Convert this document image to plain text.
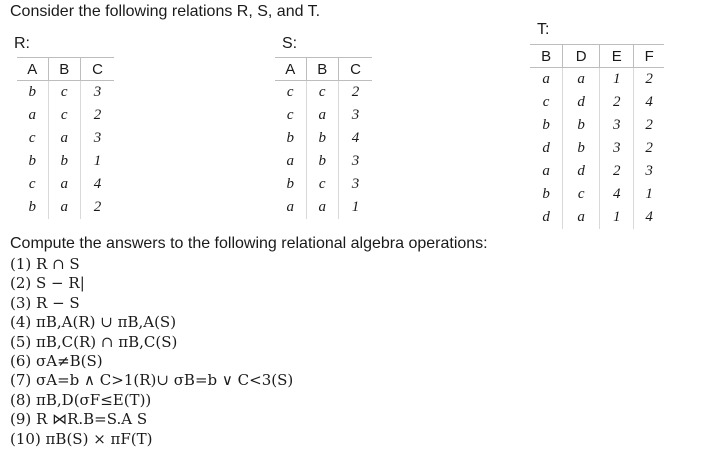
Consider the following relations R, S, and T.
R:
A	B	C
b	c	3
a	c	2
c	a	3
b	b	1
c	a	4
b	a	2
S:
A	B	C
c	c	2
c	a	3
b	b	4
a	b	3
b	c	3
a	a	1
T:
B	D	E	F
a	a	1	2
c	d	2	4
b	b	3	2
d	b	3	2
a	d	2	3
b	c	4	1
d	a	1	4
Compute the answers to the following relational algebra operations:
(1) R ∩ S
(2) S − R|
(3) R − S
(4) πB,A(R) ∪ πB,A(S)
(5) πB,C(R) ∩ πB,C(S)
(6) σA≠B(S)
(7) σA=b ∧ C>1(R)∪ σB=b ∨ C<3(S)
(8) πB,D(σF≤E(T))
(9) R ⋈R.B=S.A S
(10) πB(S) × πF(T)
